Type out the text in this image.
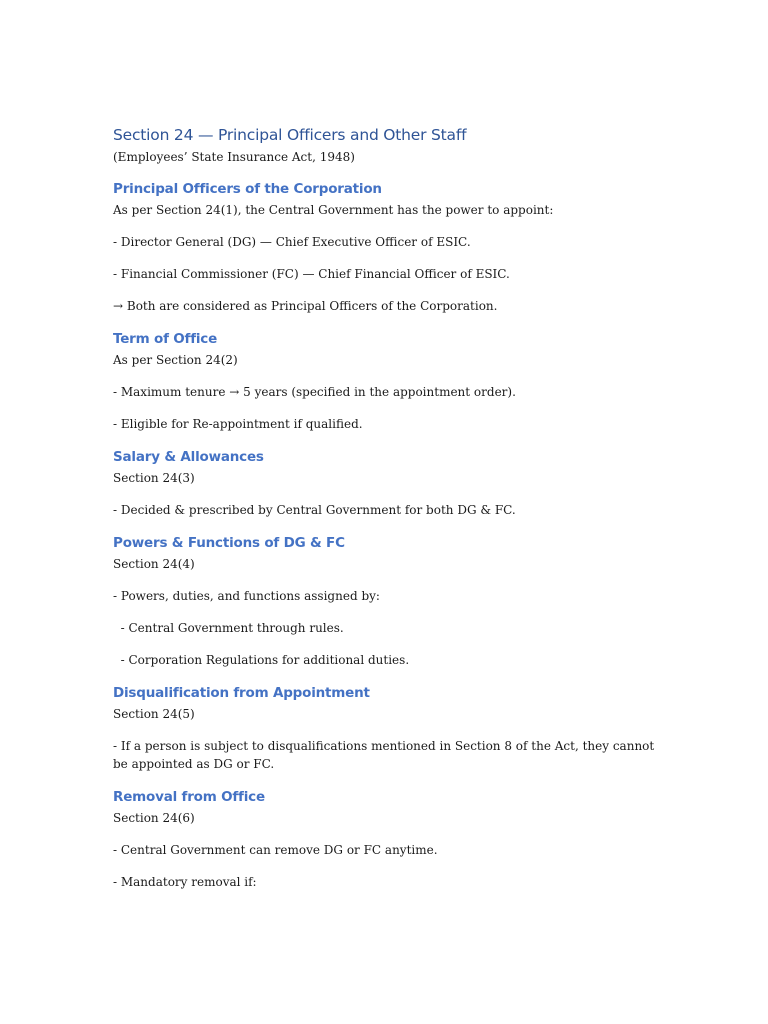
Section 24 — Principal Officers and Other Staff

(Employees’ State Insurance Act, 1948)

Principal Officers of the Corporation

As per Section 24(1), the Central Government has the power to appoint:

- Director General (DG) — Chief Executive Officer of ESIC.

- Financial Commissioner (FC) — Chief Financial Officer of ESIC.

→ Both are considered as Principal Officers of the Corporation.

Term of Office

As per Section 24(2)

- Maximum tenure → 5 years (specified in the appointment order).

- Eligible for Re-appointment if qualified.

Salary & Allowances

Section 24(3)

- Decided & prescribed by Central Government for both DG & FC.

Powers & Functions of DG & FC

Section 24(4)

- Powers, duties, and functions assigned by:

- Central Government through rules.

- Corporation Regulations for additional duties.

Disqualification from Appointment

Section 24(5)

- If a person is subject to disqualifications mentioned in Section 8 of the Act, they cannot be appointed as DG or FC.

Removal from Office

Section 24(6)

- Central Government can remove DG or FC anytime.

- Mandatory removal if:
